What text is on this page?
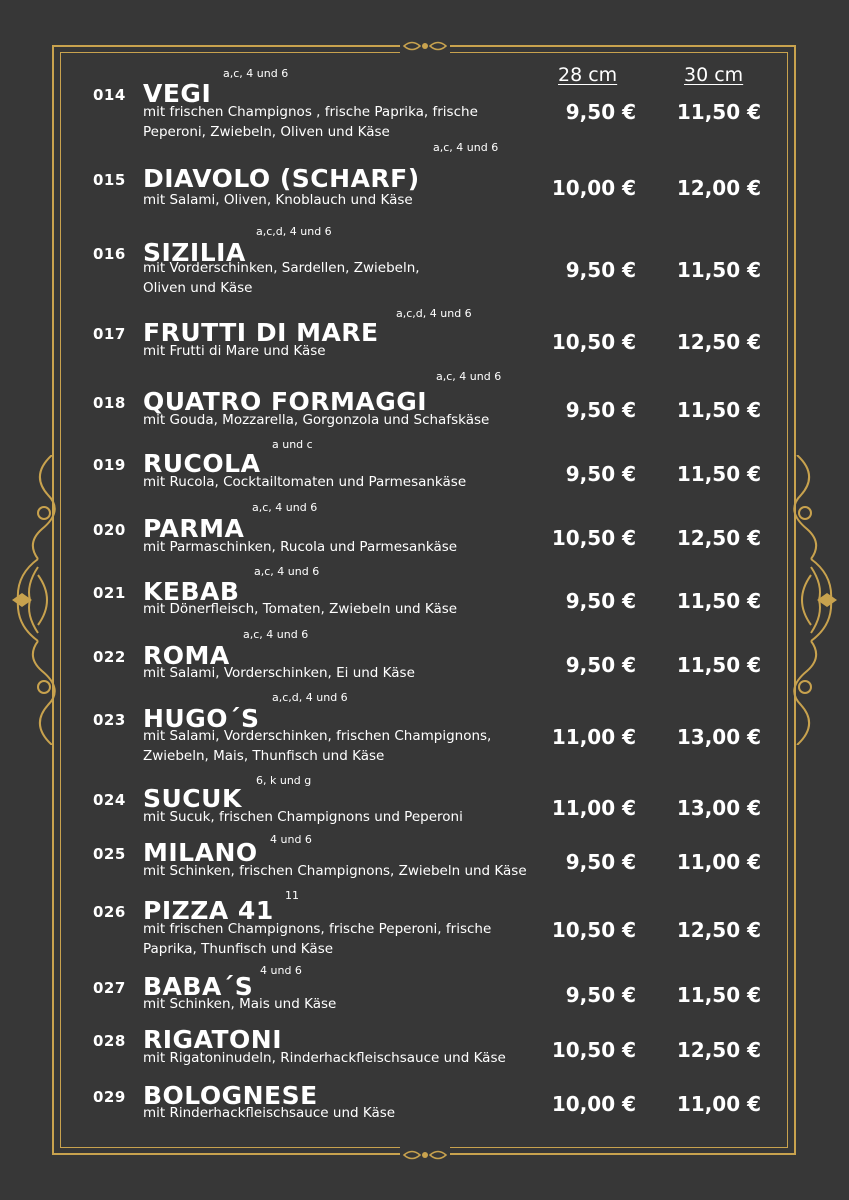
28 cm	30 cm
014 VEGI
a,c, 4 und 6
mit frischen Champignos , frische Paprika, frische
Peperoni, Zwiebeln, Oliven und Käse
9,50 €	11,50 €
015 DIAVOLO (SCHARF)
a,c, 4 und 6
mit Salami, Oliven, Knoblauch und Käse	10,00 €	12,00 €
016 SIZILIA
a,c,d, 4 und 6
mit Vorderschinken, Sardellen, Zwiebeln,
Oliven und Käse
9,50 €	11,50 €
017 FRUTTI DI MARE
a,c,d, 4 und 6
mit Frutti di Mare und Käse	10,50 €	12,50 €
018 QUATRO FORMAGGI
a,c, 4 und 6
mit Gouda, Mozzarella, Gorgonzola und Schafskäse	9,50 €	11,50 €
019 RUCOLA
a und c
mit Rucola, Cocktailtomaten und Parmesankäse	9,50 €	11,50 €
020 PARMA
a,c, 4 und 6
mit Parmaschinken, Rucola und Parmesankäse	10,50 €	12,50 €
021 KEBAB
a,c, 4 und 6
mit Dönerfleisch, Tomaten, Zwiebeln und Käse	9,50 €	11,50 €
022 ROMA
a,c, 4 und 6
mit Salami, Vorderschinken, Ei und Käse	9,50 €	11,50 €
023 HUGO´S
a,c,d, 4 und 6
mit Salami, Vorderschinken, frischen Champignons,
Zwiebeln, Mais, Thunfisch und Käse
11,00 €	13,00 €
024 SUCUK
6, k und g
mit Sucuk, frischen Champignons und Peperoni	11,00 €	13,00 €
025 MILANO 4 und 6
mit Schinken, frischen Champignons, Zwiebeln und Käse	9,50 €	11,00 €
026 PIZZA 41
11
mit frischen Champignons, frische Peperoni, frische
Paprika, Thunfisch und Käse
10,50 €	12,50 €
027 BABA´S
4 und 6
mit Schinken, Mais und Käse	9,50 €	11,50 €
028 RIGATONI
mit Rigatoninudeln, Rinderhackfleischsauce und Käse	10,50 €	12,50 €
029 BOLOGNESE
mit Rinderhackfleischsauce und Käse	10,00 €	11,00 €
